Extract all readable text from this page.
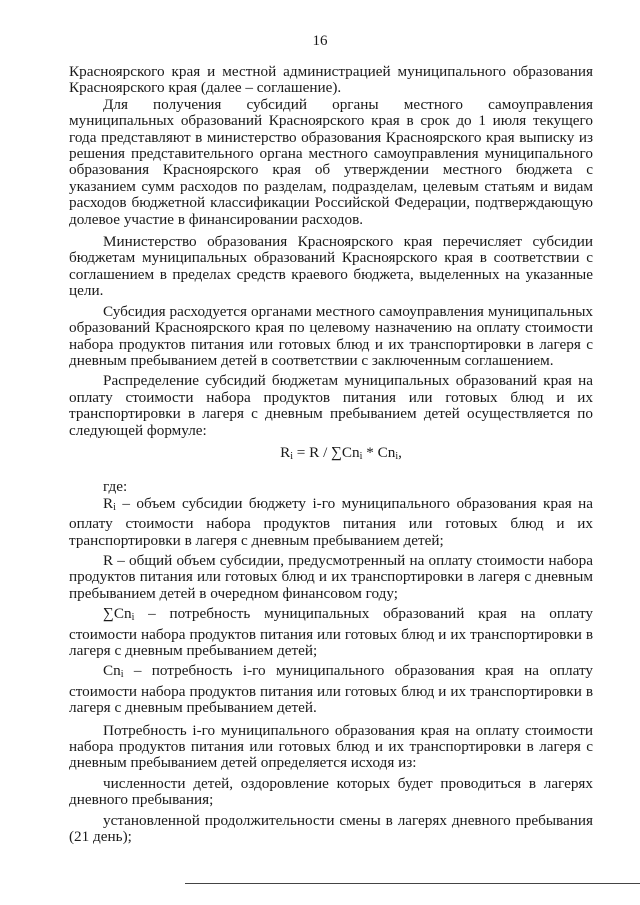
16

Красноярского края и местной администрацией муниципального образования Красноярского края (далее – соглашение).

Для получения субсидий органы местного самоуправления муниципальных образований Красноярского края в срок до 1 июля текущего года представляют в министерство образования Красноярского края выписку из решения представительного органа местного самоуправления муниципального образования Красноярского края об утверждении местного бюджета с указанием сумм расходов по разделам, подразделам, целевым статьям и видам расходов бюджетной классификации Российской Федерации, подтверждающую долевое участие в финансировании расходов.

Министерство образования Красноярского края перечисляет субсидии бюджетам муниципальных образований Красноярского края в соответствии с соглашением в пределах средств краевого бюджета, выделенных на указанные цели.

Субсидия расходуется органами местного самоуправления муниципальных образований Красноярского края по целевому назначению на оплату стоимости набора продуктов питания или готовых блюд и их транспортировки в лагеря с дневным пребыванием детей в соответствии с заключенным соглашением.

Распределение субсидий бюджетам муниципальных образований края на оплату стоимости набора продуктов питания или готовых блюд и их транспортировки в лагеря с дневным пребыванием детей осуществляется по следующей формуле:

$R_i = R / \sum Cn_i * Cn_i$,

где:

$R_i$ – объем субсидии бюджету i-го муниципального образования края на оплату стоимости набора продуктов питания или готовых блюд и их транспортировки в лагеря с дневным пребыванием детей;

R – общий объем субсидии, предусмотренный на оплату стоимости набора продуктов питания или готовых блюд и их транспортировки в лагеря с дневным пребыванием детей в очередном финансовом году;

$\sum Cn_i$ – потребность муниципальных образований края на оплату стоимости набора продуктов питания или готовых блюд и их транспортировки в лагеря с дневным пребыванием детей;

$Cn_i$ – потребность i-го муниципального образования края на оплату стоимости набора продуктов питания или готовых блюд и их транспортировки в лагеря с дневным пребыванием детей.

Потребность i-го муниципального образования края на оплату стоимости набора продуктов питания или готовых блюд и их транспортировки в лагеря с дневным пребыванием детей определяется исходя из:

численности детей, оздоровление которых будет проводиться в лагерях дневного пребывания;

установленной продолжительности смены в лагерях дневного пребывания (21 день);
